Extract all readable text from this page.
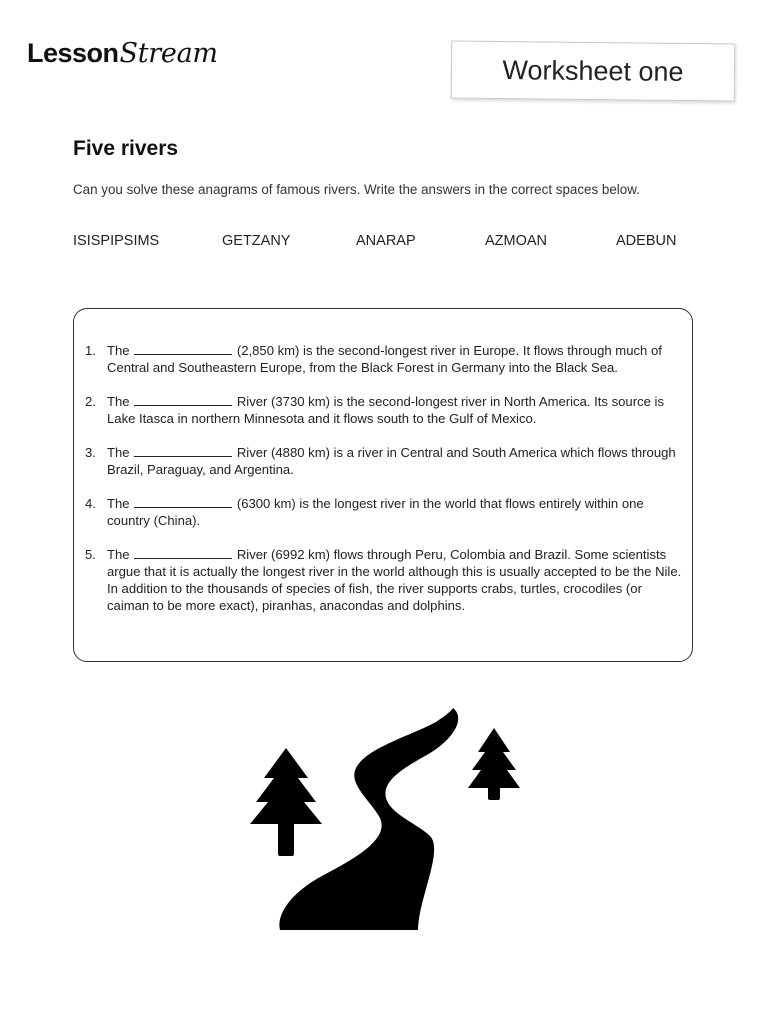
Lesson Stream
Worksheet one
Five rivers
Can you solve these anagrams of famous rivers. Write the answers in the correct spaces below.
ISISPIPSIMS	GETZANY	ANARAP	AZMOAN	ADEBUN
1. The	(2,850 km) is the second-longest river in Europe. It flows through much of Central and Southeastern Europe, from the Black Forest in Germany into the Black Sea.
2. The	River (3730 km) is the second-longest river in North America. Its source is Lake Itasca in northern Minnesota and it flows south to the Gulf of Mexico.
3. The	River (4880 km) is a river in Central and South America which flows through Brazil, Paraguay, and Argentina.
4. The	(6300 km) is the longest river in the world that flows entirely within one country (China).
5. The	River (6992 km) flows through Peru, Colombia and Brazil. Some scientists argue that it is actually the longest river in the world although this is usually accepted to be the Nile. In addition to the thousands of species of fish, the river supports crabs, turtles, crocodiles (or caiman to be more exact), piranhas, anacondas and dolphins.
